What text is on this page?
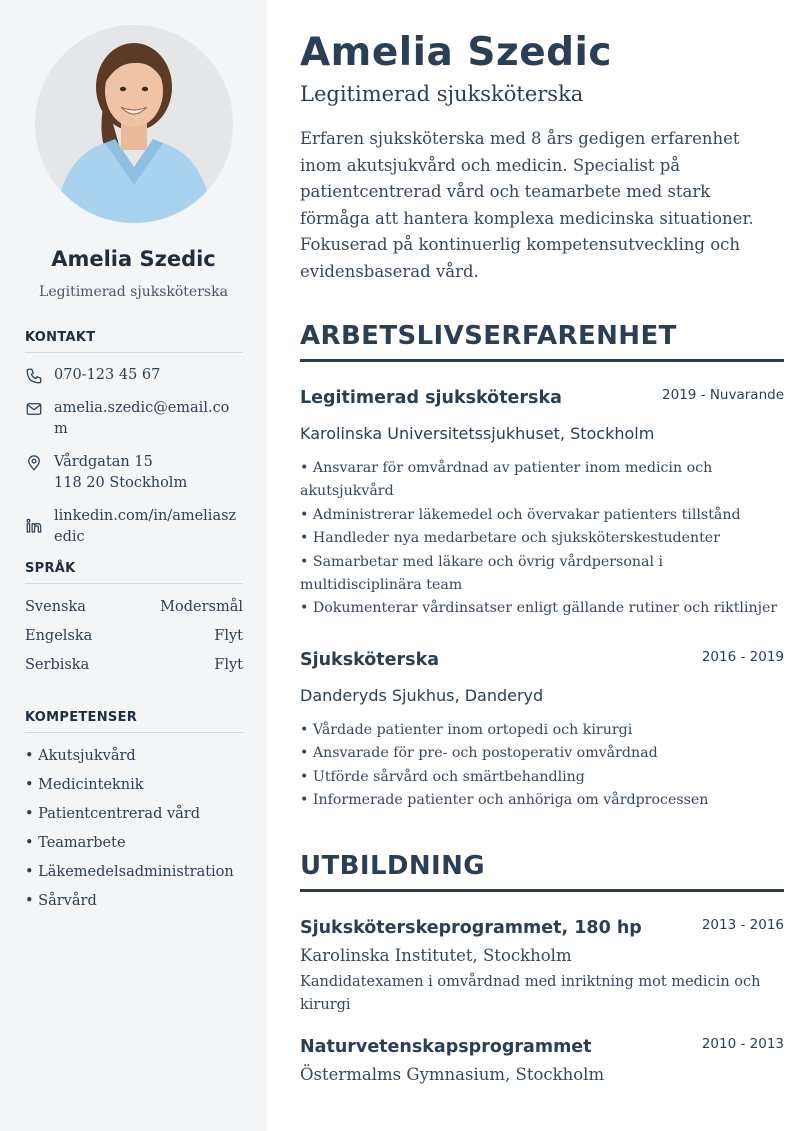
Amelia Szedic
Legitimerad sjuksköterska
KONTAKT
070-123 45 67
amelia.szedic@email.com
Vårdgatan 15
118 20 Stockholm
linkedin.com/in/ameliaszedic
SPRÅK
Svenska	Modersmål
Engelska	Flyt
Serbiska	Flyt
KOMPETENSER
• Akutsjukvård
• Medicinteknik
• Patientcentrerad vård
• Teamarbete
• Läkemedelsadministration
• Sårvård
Amelia Szedic
Legitimerad sjuksköterska

Erfaren sjuksköterska med 8 års gedigen erfarenhet inom akutsjukvård och medicin. Specialist på patientcentrerad vård och teamarbete med stark förmåga att hantera komplexa medicinska situationer. Fokuserad på kontinuerlig kompetensutveckling och evidensbaserad vård.

ARBETSLIVSERFARENHET
Legitimerad sjuksköterska	2019 - Nuvarande
Karolinska Universitetssjukhuset, Stockholm
• Ansvarar för omvårdnad av patienter inom medicin och akutsjukvård
• Administrerar läkemedel och övervakar patienters tillstånd
• Handleder nya medarbetare och sjuksköterskestudenter
• Samarbetar med läkare och övrig vårdpersonal i multidisciplinära team
• Dokumenterar vårdinsatser enligt gällande rutiner och riktlinjer
Sjuksköterska	2016 - 2019
Danderyds Sjukhus, Danderyd
• Vårdade patienter inom ortopedi och kirurgi
• Ansvarade för pre- och postoperativ omvårdnad
• Utförde sårvård och smärtbehandling
• Informerade patienter och anhöriga om vårdprocessen
UTBILDNING
Sjuksköterskeprogrammet, 180 hp	2013 - 2016
Karolinska Institutet, Stockholm
Kandidatexamen i omvårdnad med inriktning mot medicin och kirurgi
Naturvetenskapsprogrammet	2010 - 2013
Östermalms Gymnasium, Stockholm
